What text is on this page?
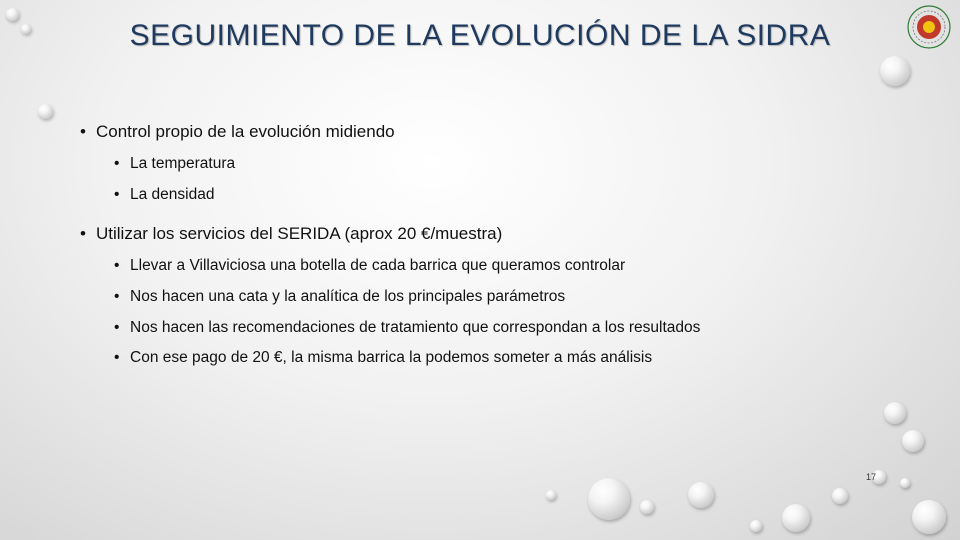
SEGUIMIENTO DE LA EVOLUCIÓN DE LA SIDRA
• Control propio de la evolución midiendo
• La temperatura
• La densidad
• Utilizar los servicios del SERIDA (aprox 20 €/muestra)
• Llevar a Villaviciosa una botella de cada barrica que queramos controlar
• Nos hacen una cata y la analítica de los principales parámetros
• Nos hacen las recomendaciones de tratamiento que correspondan a los resultados
• Con ese pago de 20 €, la misma barrica la podemos someter a más análisis
17
